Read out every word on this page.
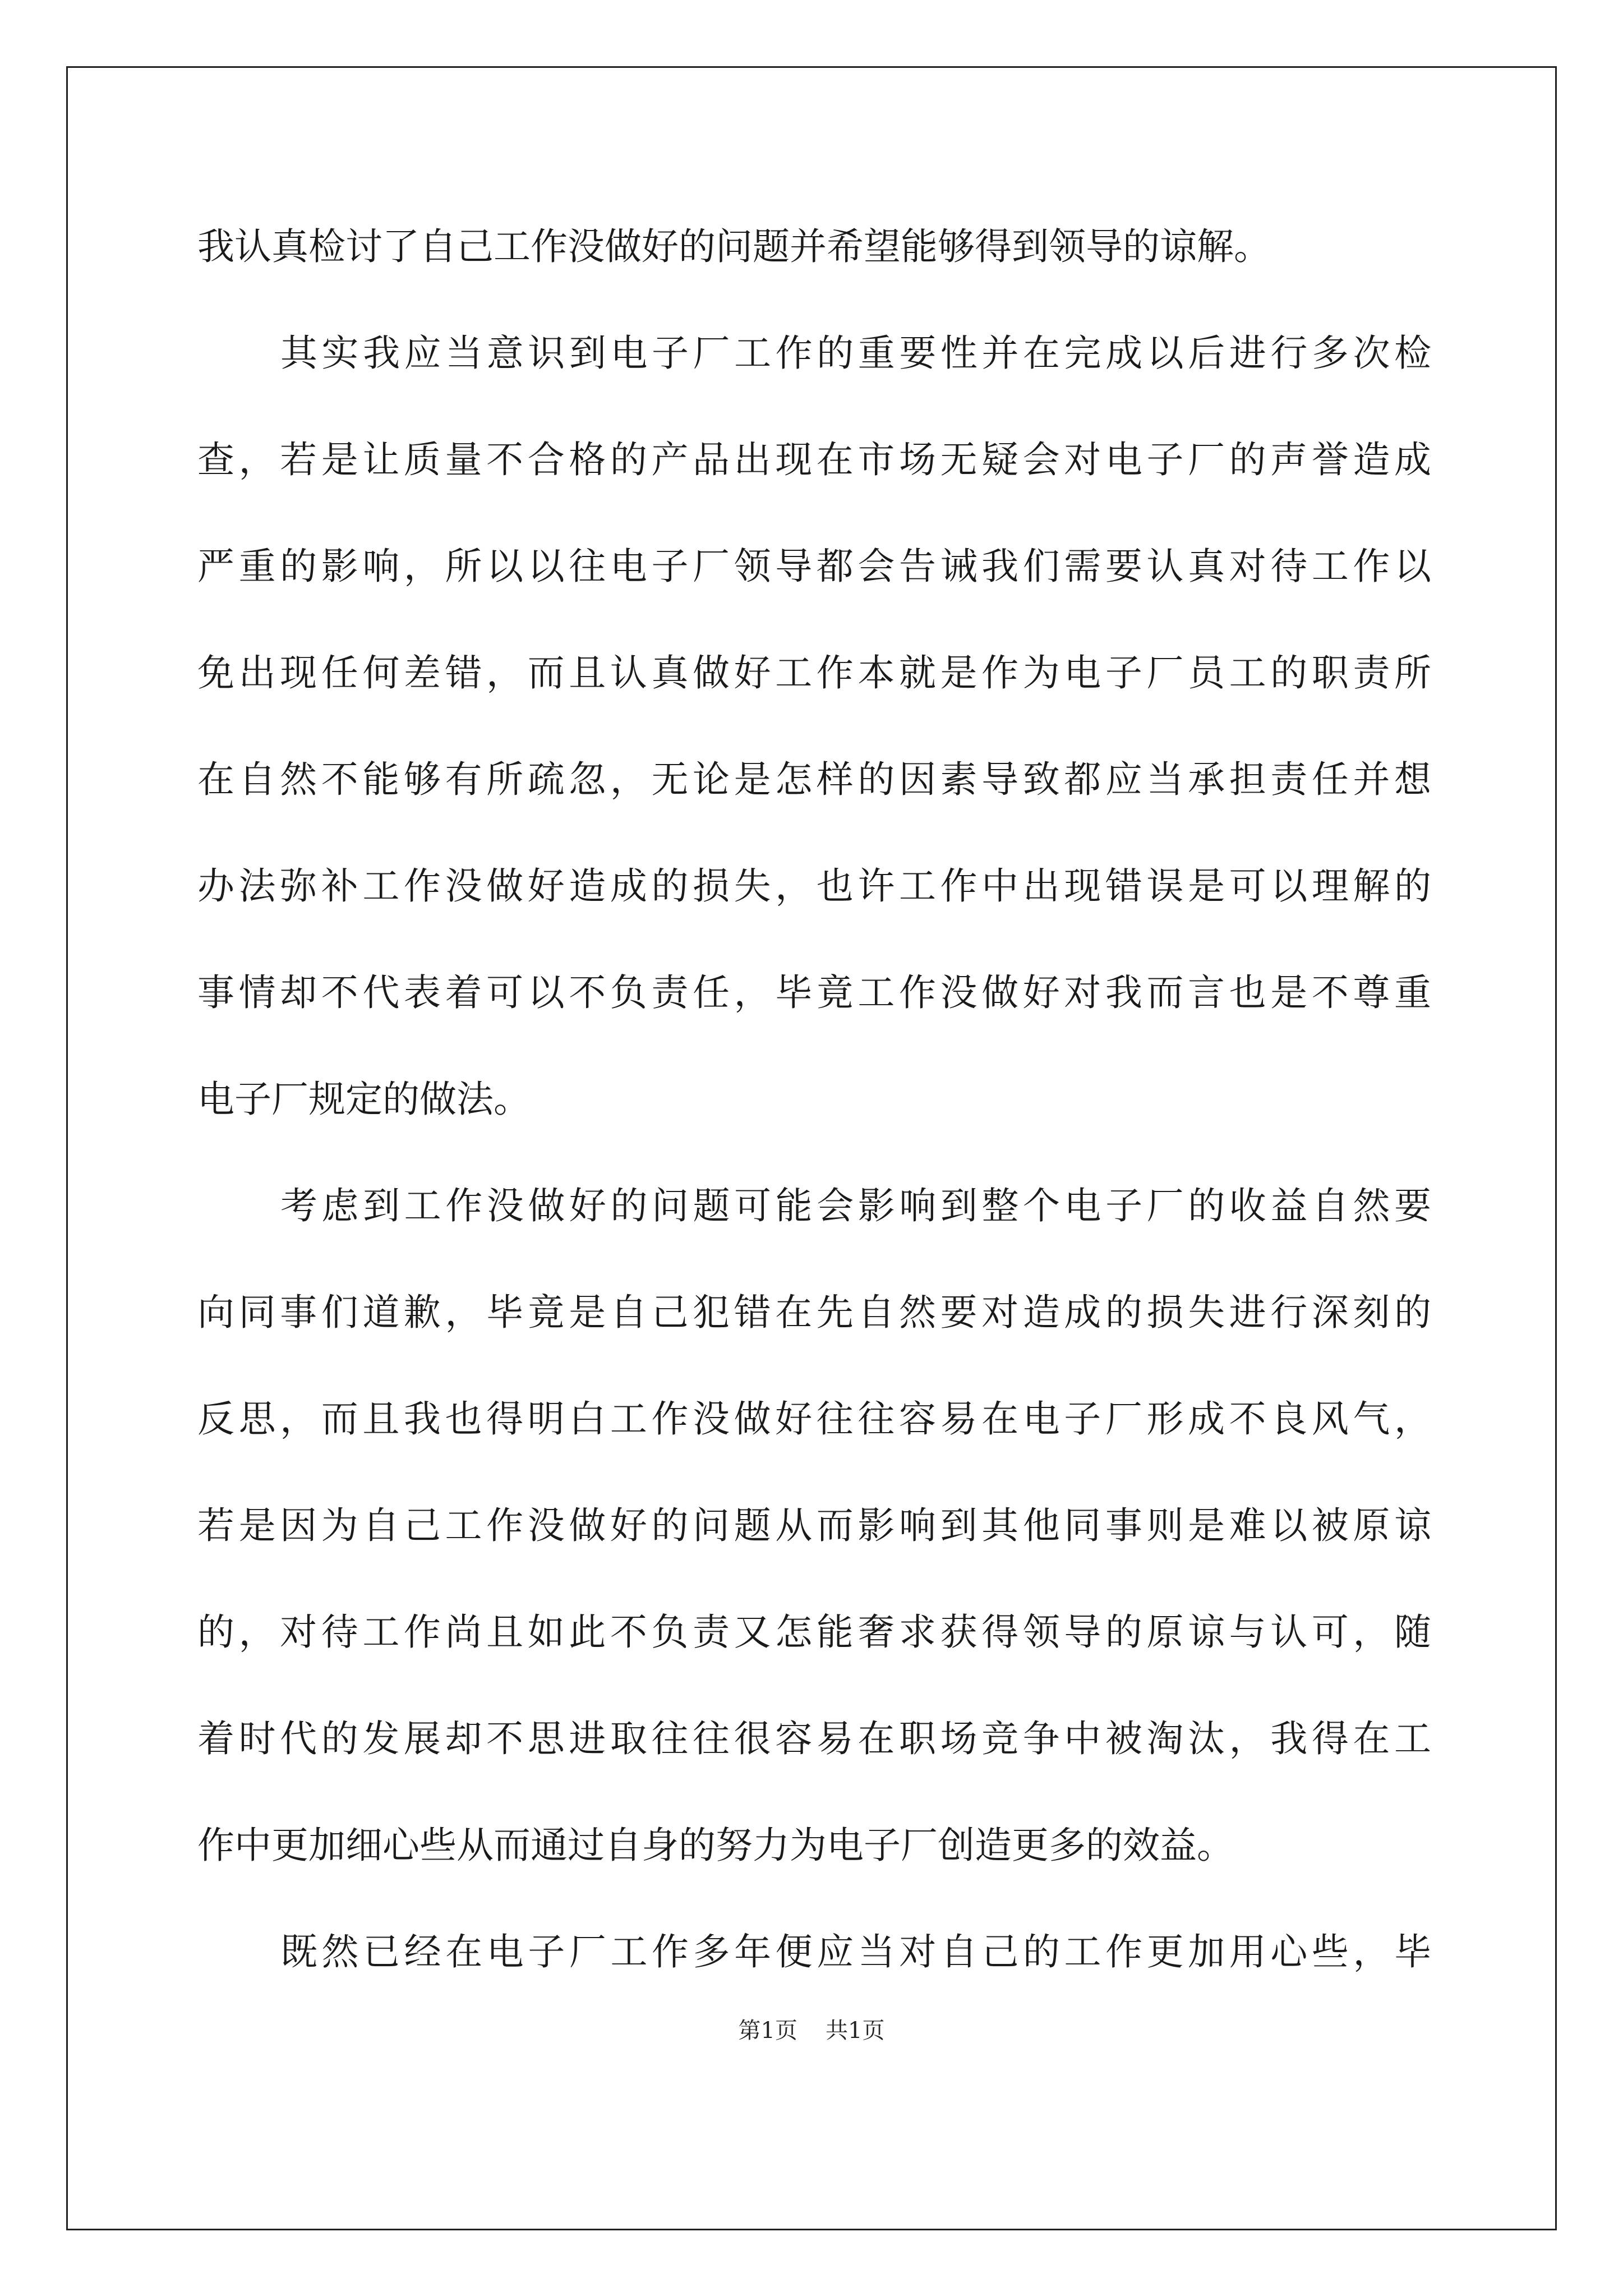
我认真检讨了自己工作没做好的问题并希望能够得到领导的谅解。
其实我应当意识到电子厂工作的重要性并在完成以后进行多次检
查，若是让质量不合格的产品出现在市场无疑会对电子厂的声誉造成
严重的影响，所以以往电子厂领导都会告诫我们需要认真对待工作以
免出现任何差错，而且认真做好工作本就是作为电子厂员工的职责所
在自然不能够有所疏忽，无论是怎样的因素导致都应当承担责任并想
办法弥补工作没做好造成的损失，也许工作中出现错误是可以理解的
事情却不代表着可以不负责任，毕竟工作没做好对我而言也是不尊重
电子厂规定的做法。
考虑到工作没做好的问题可能会影响到整个电子厂的收益自然要
向同事们道歉，毕竟是自己犯错在先自然要对造成的损失进行深刻的
反思，而且我也得明白工作没做好往往容易在电子厂形成不良风气，
若是因为自己工作没做好的问题从而影响到其他同事则是难以被原谅
的，对待工作尚且如此不负责又怎能奢求获得领导的原谅与认可，随
着时代的发展却不思进取往往很容易在职场竞争中被淘汰，我得在工
作中更加细心些从而通过自身的努力为电子厂创造更多的效益。
既然已经在电子厂工作多年便应当对自己的工作更加用心些，毕
第1页 共1页
